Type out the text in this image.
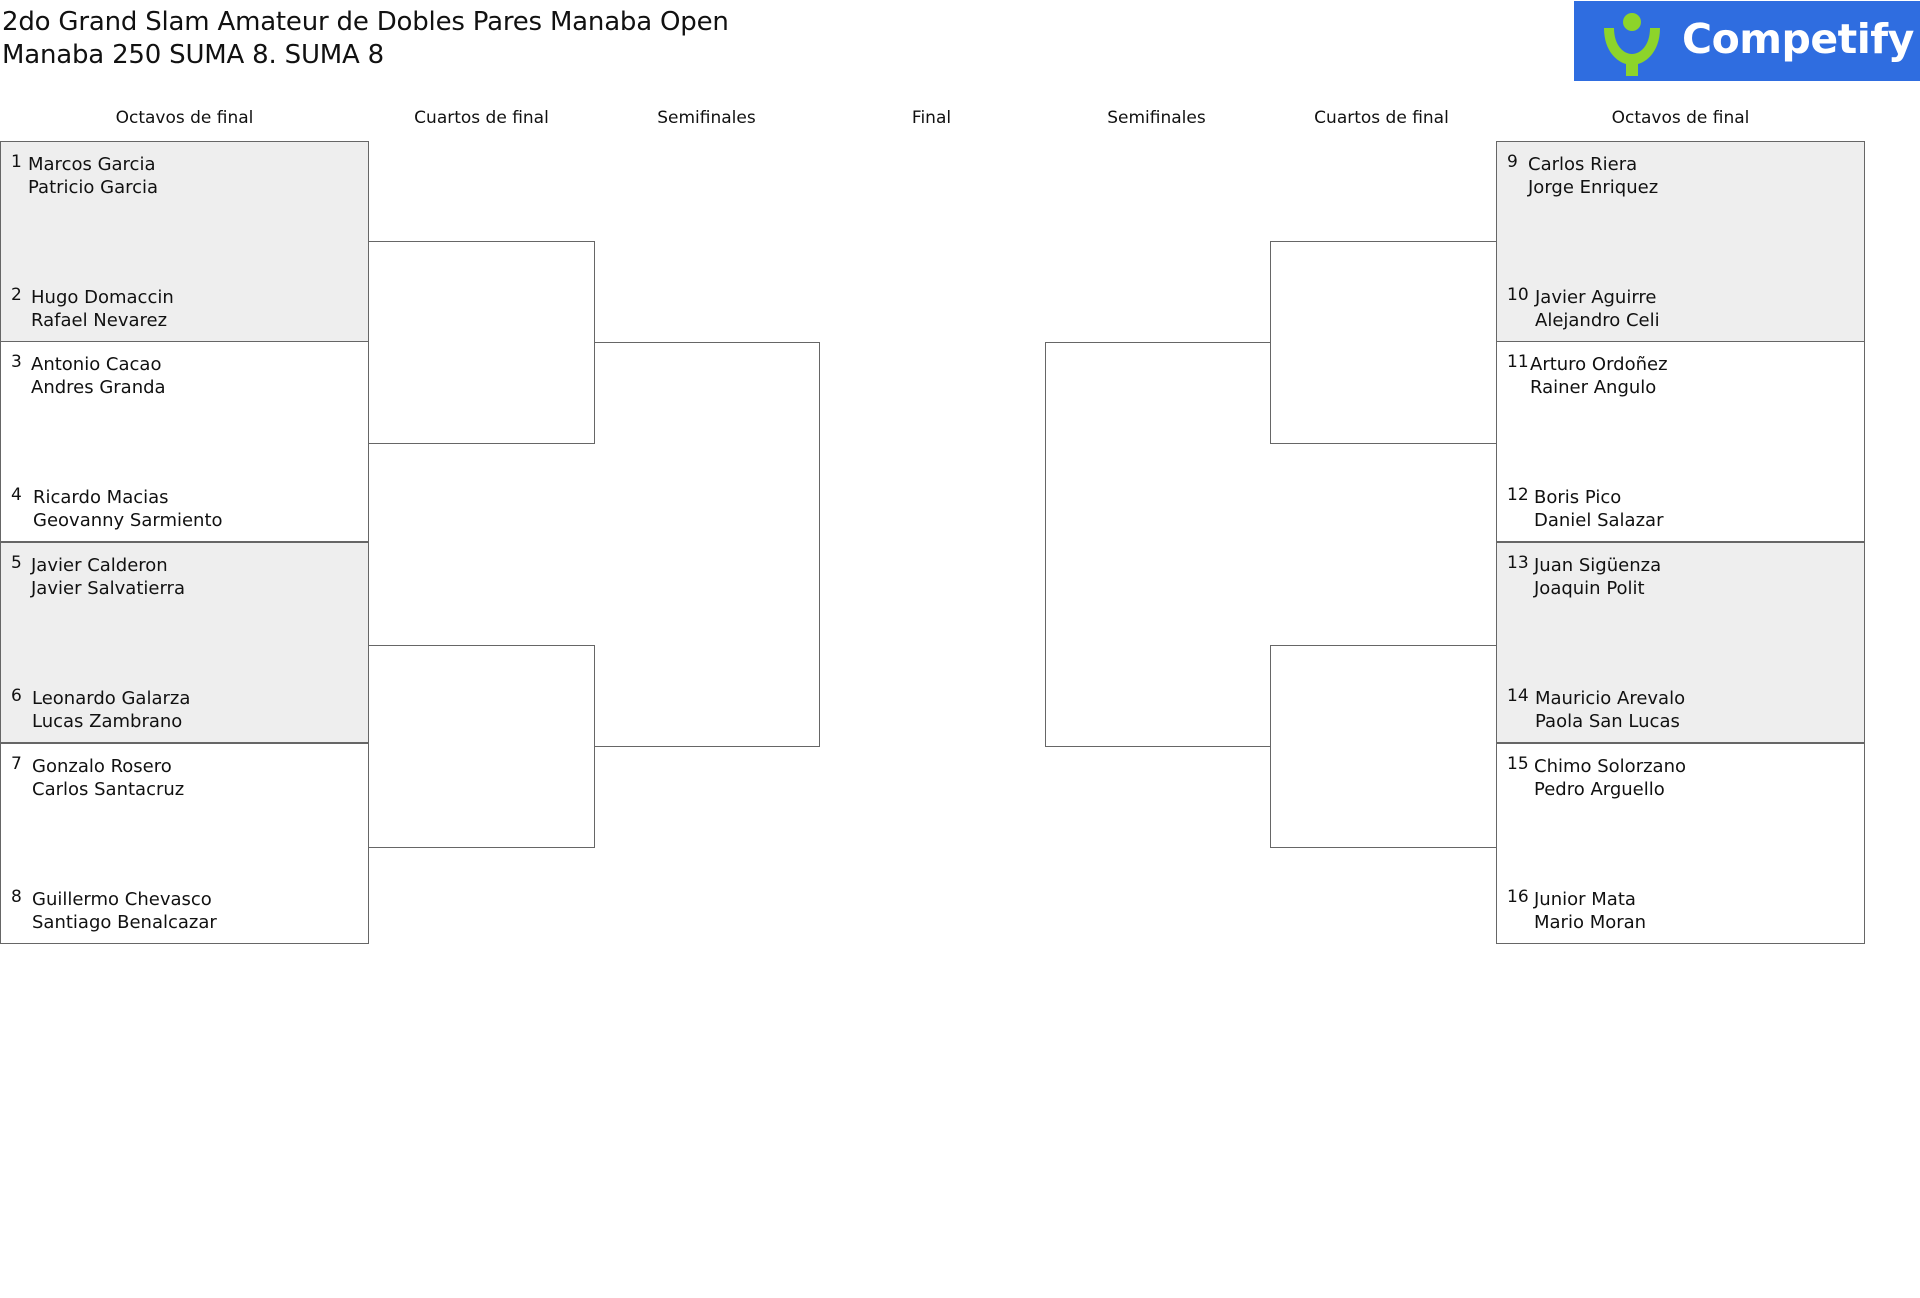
2do Grand Slam Amateur de Dobles Pares Manaba Open
Manaba 250 SUMA 8. SUMA 8	Competify
Octavos de final	Cuartos de final	Semifinales	Final	Semifinales	Cuartos de final	Octavos de final
1 Marcos Garcia
Patricio Garcia
2 Hugo Domaccin
Rafael Nevarez
3 Antonio Cacao
Andres Granda
4 Ricardo Macias
Geovanny Sarmiento
5 Javier Calderon
Javier Salvatierra
6 Leonardo Galarza
Lucas Zambrano
7 Gonzalo Rosero
Carlos Santacruz
8 Guillermo Chevasco
Santiago Benalcazar
9 Carlos Riera
Jorge Enriquez
10 Javier Aguirre
Alejandro Celi
11 Arturo Ordoñez
Rainer Angulo
12 Boris Pico
Daniel Salazar
13 Juan Sigüenza
Joaquin Polit
14 Mauricio Arevalo
Paola San Lucas
15 Chimo Solorzano
Pedro Arguello
16 Junior Mata
Mario Moran
